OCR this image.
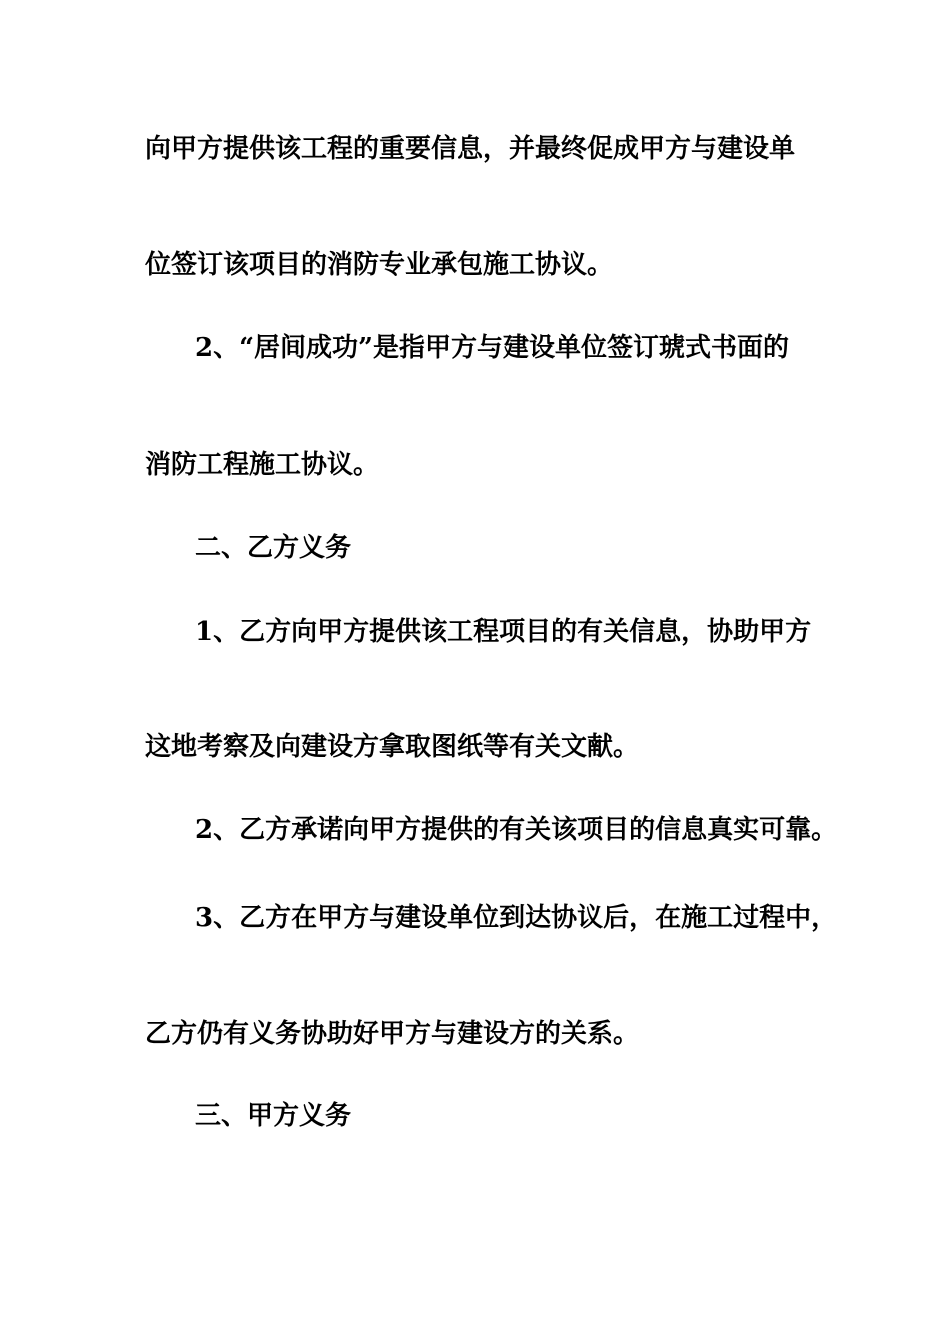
向甲方提供该工程的重要信息，并最终促成甲方与建设单
位签订该项目的消防专业承包施工协议。
2、“居间成功”是指甲方与建设单位签订琥式书面的
消防工程施工协议。
二、乙方义务
1、乙方向甲方提供该工程项目的有关信息，协助甲方
这地考察及向建设方拿取图纸等有关文献。
2、乙方承诺向甲方提供的有关该项目的信息真实可靠。
3、乙方在甲方与建设单位到达协议后，在施工过程中，
乙方仍有义务协助好甲方与建设方的关系。
三、甲方义务
